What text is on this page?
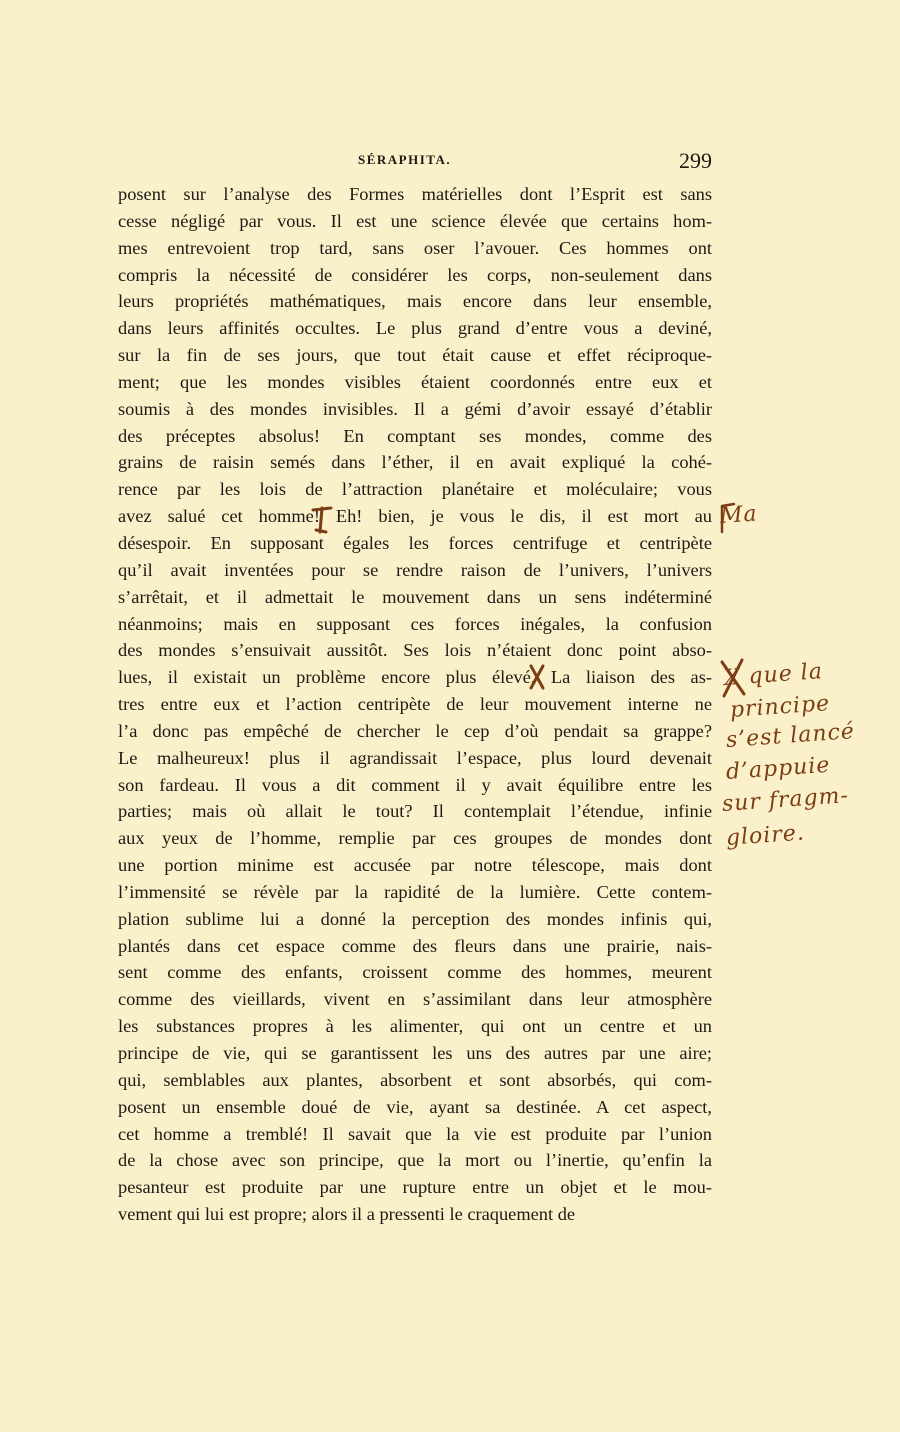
SÉRAPHITA.	299
posent sur l’analyse des Formes matérielles dont l’Esprit est sans
cesse négligé par vous. Il est une science élevée que certains hom-
mes entrevoient trop tard, sans oser l’avouer. Ces hommes ont
compris la nécessité de considérer les corps, non-seulement dans
leurs propriétés mathématiques, mais encore dans leur ensemble,
dans leurs affinités occultes. Le plus grand d’entre vous a deviné,
sur la fin de ses jours, que tout était cause et effet réciproque-
ment; que les mondes visibles étaient coordonnés entre eux et
soumis à des mondes invisibles. Il a gémi d’avoir essayé d’établir
des préceptes absolus! En comptant ses mondes, comme des
grains de raisin semés dans l’éther, il en avait expliqué la cohé-
rence par les lois de l’attraction planétaire et moléculaire; vous
avez salué cet homme! Eh! bien, je vous le dis, il est mort au
désespoir. En supposant égales les forces centrifuge et centripète
qu’il avait inventées pour se rendre raison de l’univers, l’univers
s’arrêtait, et il admettait le mouvement dans un sens indéterminé
néanmoins; mais en supposant ces forces inégales, la confusion
des mondes s’ensuivait aussitôt. Ses lois n’étaient donc point abso-
lues, il existait un problème encore plus élevé. La liaison des as-
tres entre eux et l’action centripète de leur mouvement interne ne
l’a donc pas empêché de chercher le cep d’où pendait sa grappe?
Le malheureux! plus il agrandissait l’espace, plus lourd devenait
son fardeau. Il vous a dit comment il y avait équilibre entre les
parties; mais où allait le tout? Il contemplait l’étendue, infinie
aux yeux de l’homme, remplie par ces groupes de mondes dont
une portion minime est accusée par notre télescope, mais dont
l’immensité se révèle par la rapidité de la lumière. Cette contem-
plation sublime lui a donné la perception des mondes infinis qui,
plantés dans cet espace comme des fleurs dans une prairie, nais-
sent comme des enfants, croissent comme des hommes, meurent
comme des vieillards, vivent en s’assimilant dans leur atmosphère
les substances propres à les alimenter, qui ont un centre et un
principe de vie, qui se garantissent les uns des autres par une aire;
qui, semblables aux plantes, absorbent et sont absorbés, qui com-
posent un ensemble doué de vie, ayant sa destinée. A cet aspect,
cet homme a tremblé! Il savait que la vie est produite par l’union
de la chose avec son principe, que la mort ou l’inertie, qu’enfin la
pesanteur est produite par une rupture entre un objet et le mou-
vement qui lui est propre; alors il a pressenti le craquement de
Ma
X que la
principe
s’est lancé
d’appuie
sur fragm-
gloire.
